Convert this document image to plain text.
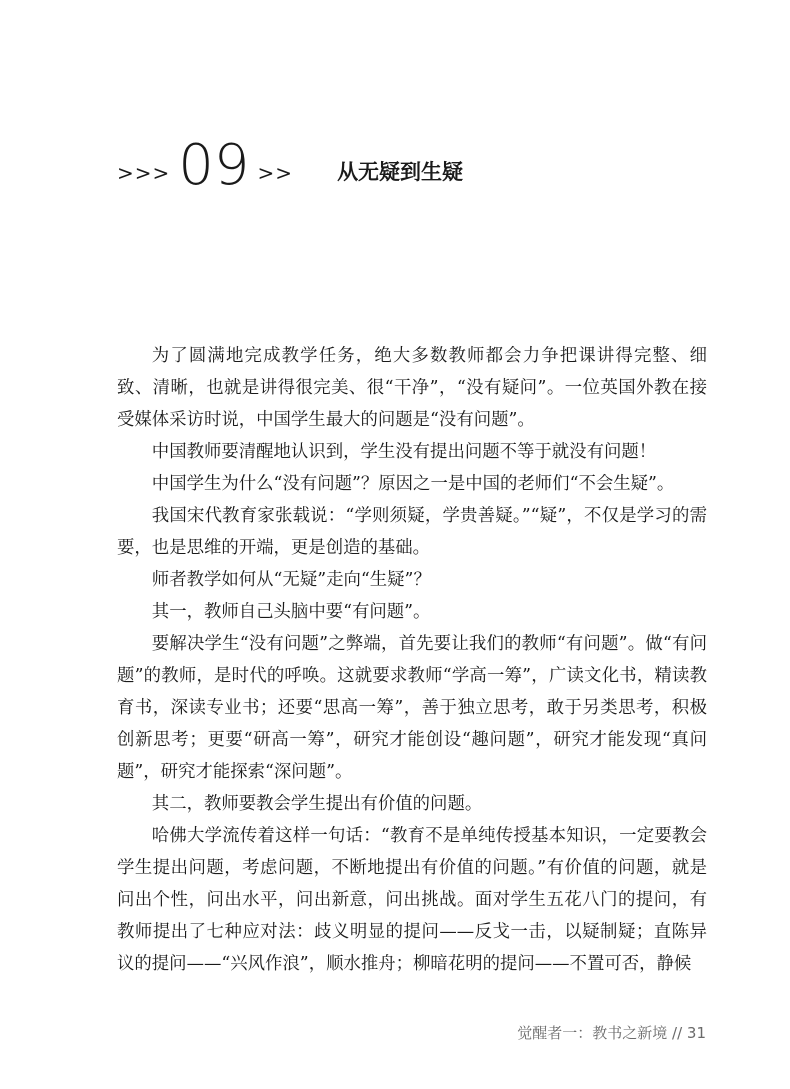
>>> 09 >> 从无疑到生疑

为了圆满地完成教学任务，绝大多数教师都会力争把课讲得完整、细致、清晰，也就是讲得很完美、很“干净”，“没有疑问”。一位英国外教在接受媒体采访时说，中国学生最大的问题是“没有问题”。

中国教师要清醒地认识到，学生没有提出问题不等于就没有问题！

中国学生为什么“没有问题”？原因之一是中国的老师们“不会生疑”。

我国宋代教育家张载说：“学则须疑，学贵善疑。”“疑”，不仅是学习的需要，也是思维的开端，更是创造的基础。

师者教学如何从“无疑”走向“生疑”？

其一，教师自己头脑中要“有问题”。

要解决学生“没有问题”之弊端，首先要让我们的教师“有问题”。做“有问题”的教师，是时代的呼唤。这就要求教师“学高一筹”，广读文化书，精读教育书，深读专业书；还要“思高一筹”，善于独立思考，敢于另类思考，积极创新思考；更要“研高一筹”，研究才能创设“趣问题”，研究才能发现“真问题”，研究才能探索“深问题”。

其二，教师要教会学生提出有价值的问题。

哈佛大学流传着这样一句话：“教育不是单纯传授基本知识，一定要教会学生提出问题，考虑问题，不断地提出有价值的问题。”有价值的问题，就是问出个性，问出水平，问出新意，问出挑战。面对学生五花八门的提问，有教师提出了七种应对法：歧义明显的提问——反戈一击，以疑制疑；直陈异议的提问——“兴风作浪”，顺水推舟；柳暗花明的提问——不置可否，静候

觉醒者一：教书之新境 // 31
